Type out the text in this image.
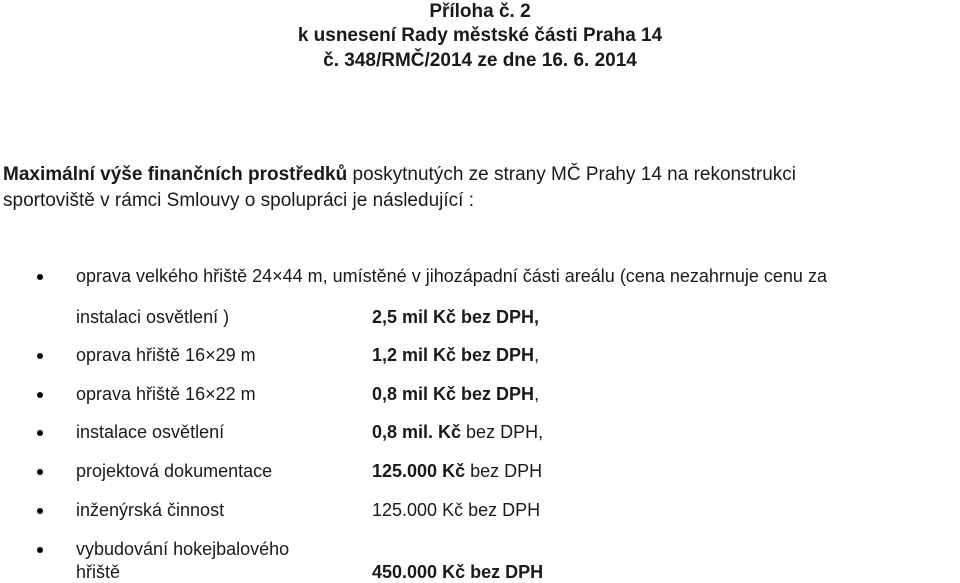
Příloha č. 2
k usnesení Rady městské části Praha 14
č. 348/RMČ/2014 ze dne 16. 6. 2014
Maximální výše finančních prostředků poskytnutých ze strany MČ Prahy 14 na rekonstrukci
sportoviště v rámci Smlouvy o spolupráci je následující :
oprava velkého hřiště 24×44 m, umístěné v jihozápadní části areálu (cena nezahrnuje cenu za
instalaci osvětlení )	2,5 mil Kč bez DPH,
oprava hřiště 16×29 m	1,2 mil Kč bez DPH,
oprava hřiště 16×22 m	0,8 mil Kč bez DPH,
instalace osvětlení	0,8 mil. Kč bez DPH,
projektová dokumentace	125.000 Kč bez DPH
inženýrská činnost	125.000 Kč bez DPH
vybudování hokejbalového
hřiště	450.000 Kč bez DPH
